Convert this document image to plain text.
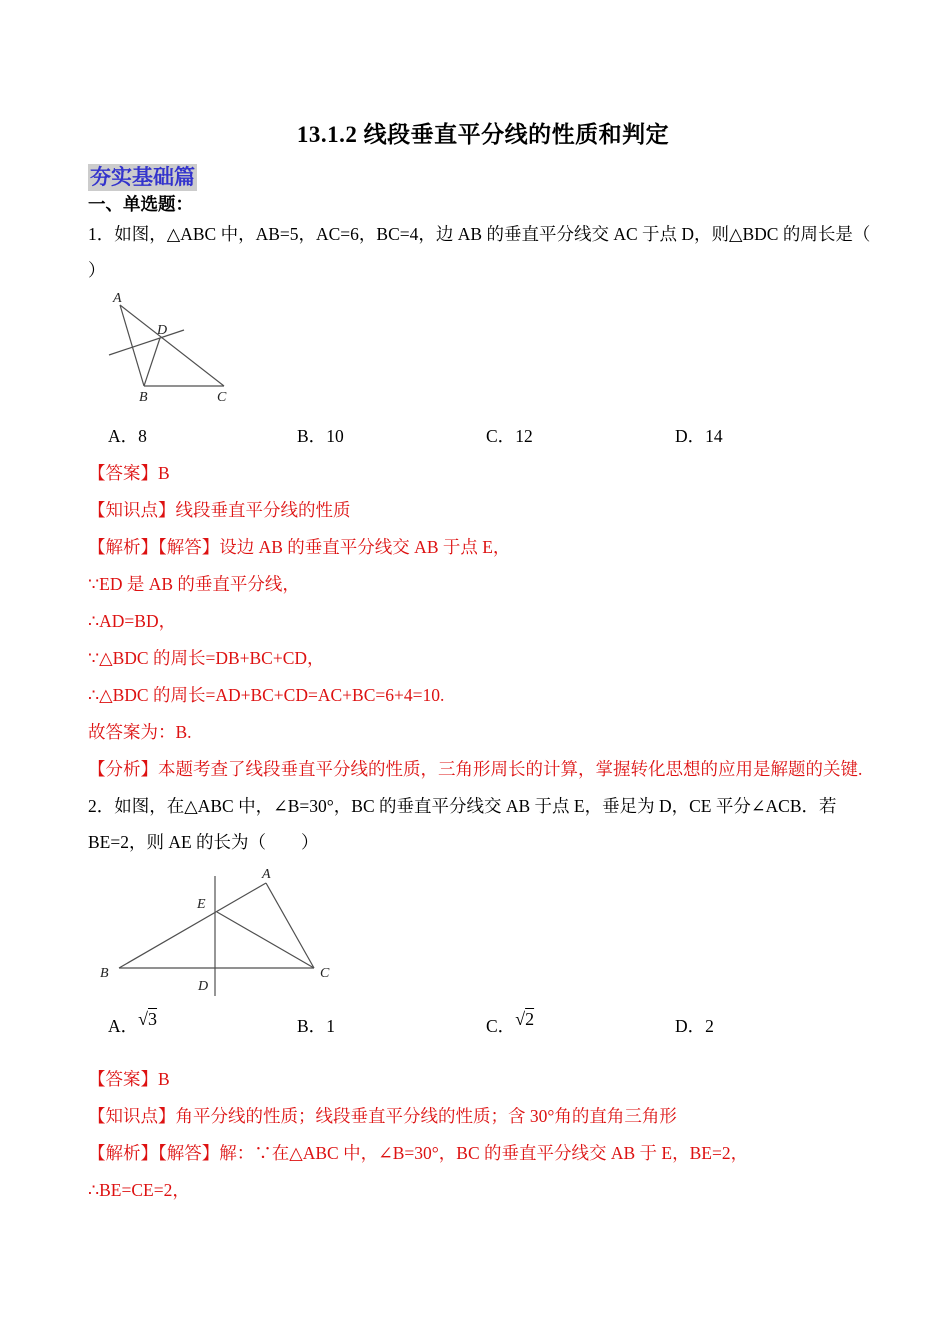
13.1.2 线段垂直平分线的性质和判定
夯实基础篇
一、单选题：
1．如图，△ABC 中，AB=5，AC=6，BC=4，边 AB 的垂直平分线交 AC 于点 D，则△BDC 的周长是（
）
A
D
B	C
A．8	B．10	C．12	D．14
【答案】B
【知识点】线段垂直平分线的性质
【解析】【解答】设边 AB 的垂直平分线交 AB 于点 E，
∵ED 是 AB 的垂直平分线，
∴AD=BD，
∵△BDC 的周长=DB+BC+CD，
∴△BDC 的周长=AD+BC+CD=AC+BC=6+4=10.
故答案为：B.
【分析】本题考查了线段垂直平分线的性质，三角形周长的计算，掌握转化思想的应用是解题的关键.
2．如图，在△ABC 中，∠B=30°，BC 的垂直平分线交 AB 于点 E，垂足为 D，CE 平分∠ACB．若
BE=2，则 AE 的长为（　　）
A
E
B
D
C
A．√3	B．1	C．√2	D．2
【答案】B
【知识点】角平分线的性质；线段垂直平分线的性质；含 30°角的直角三角形
【解析】【解答】解：∵在△ABC 中，∠B=30°，BC 的垂直平分线交 AB 于 E，BE=2，
∴BE=CE=2，
